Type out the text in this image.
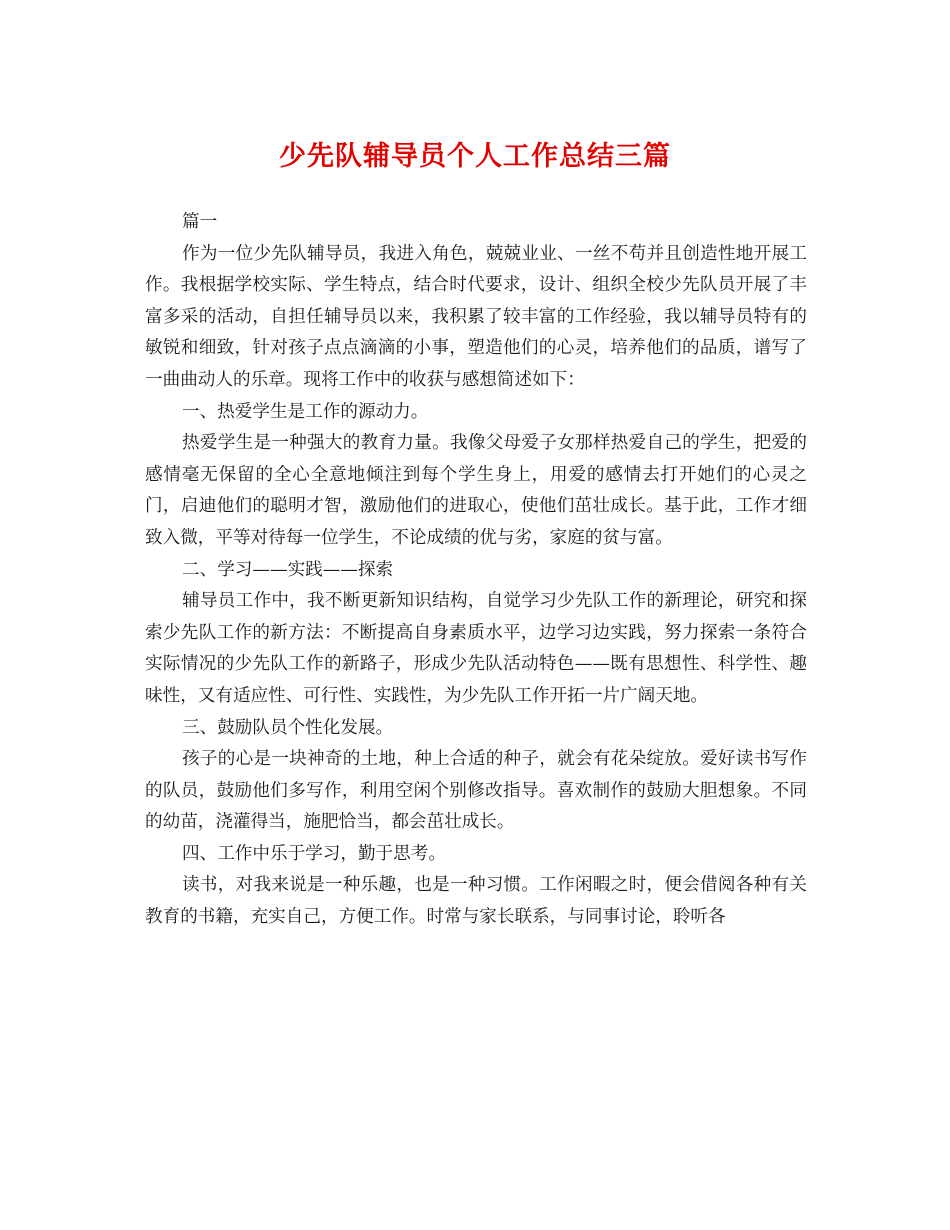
少先队辅导员个人工作总结三篇

篇一

作为一位少先队辅导员，我进入角色，兢兢业业、一丝不苟并且创造性地开展工作。我根据学校实际、学生特点，结合时代要求，设计、组织全校少先队员开展了丰富多采的活动，自担任辅导员以来，我积累了较丰富的工作经验，我以辅导员特有的敏锐和细致，针对孩子点点滴滴的小事，塑造他们的心灵，培养他们的品质，谱写了一曲曲动人的乐章。现将工作中的收获与感想简述如下：

一、热爱学生是工作的源动力。

热爱学生是一种强大的教育力量。我像父母爱子女那样热爱自己的学生，把爱的感情毫无保留的全心全意地倾注到每个学生身上，用爱的感情去打开她们的心灵之门，启迪他们的聪明才智，激励他们的进取心，使他们茁壮成长。基于此，工作才细致入微，平等对待每一位学生，不论成绩的优与劣，家庭的贫与富。

二、学习——实践——探索

辅导员工作中，我不断更新知识结构，自觉学习少先队工作的新理论，研究和探索少先队工作的新方法：不断提高自身素质水平，边学习边实践，努力探索一条符合实际情况的少先队工作的新路子，形成少先队活动特色——既有思想性、科学性、趣味性，又有适应性、可行性、实践性，为少先队工作开拓一片广阔天地。

三、鼓励队员个性化发展。

孩子的心是一块神奇的土地，种上合适的种子，就会有花朵绽放。爱好读书写作的队员，鼓励他们多写作，利用空闲个别修改指导。喜欢制作的鼓励大胆想象。不同的幼苗，浇灌得当，施肥恰当，都会茁壮成长。

四、工作中乐于学习，勤于思考。

读书，对我来说是一种乐趣，也是一种习惯。工作闲暇之时，便会借阅各种有关教育的书籍，充实自己，方便工作。时常与家长联系，与同事讨论，聆听各
